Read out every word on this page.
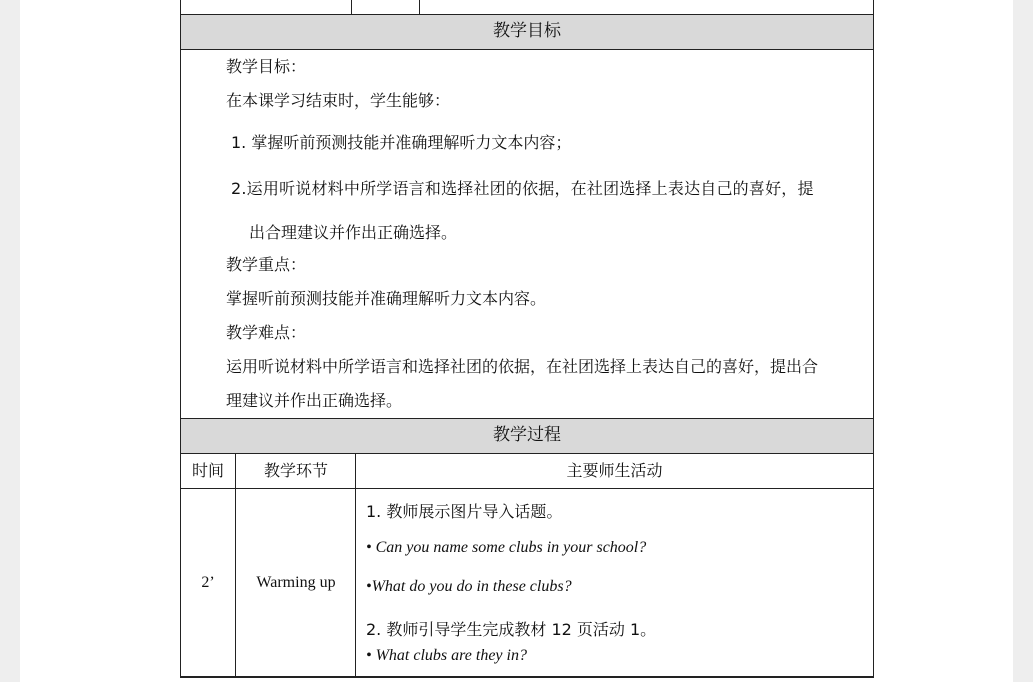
教学目标

教学目标：

在本课学习结束时，学生能够：

1. 掌握听前预测技能并准确理解听力文本内容；

2.运用听说材料中所学语言和选择社团的依据，在社团选择上表达自己的喜好，提

出合理建议并作出正确选择。

教学重点：

掌握听前预测技能并准确理解听力文本内容。

教学难点：

运用听说材料中所学语言和选择社团的依据，在社团选择上表达自己的喜好，提出合

理建议并作出正确选择。

教学过程
时间	教学环节	主要师生活动
2’	Warming up

1. 教师展示图片导入话题。

• Can you name some clubs in your school?

•What do you do in these clubs?

2. 教师引导学生完成教材 12 页活动 1。

• What clubs are they in?
